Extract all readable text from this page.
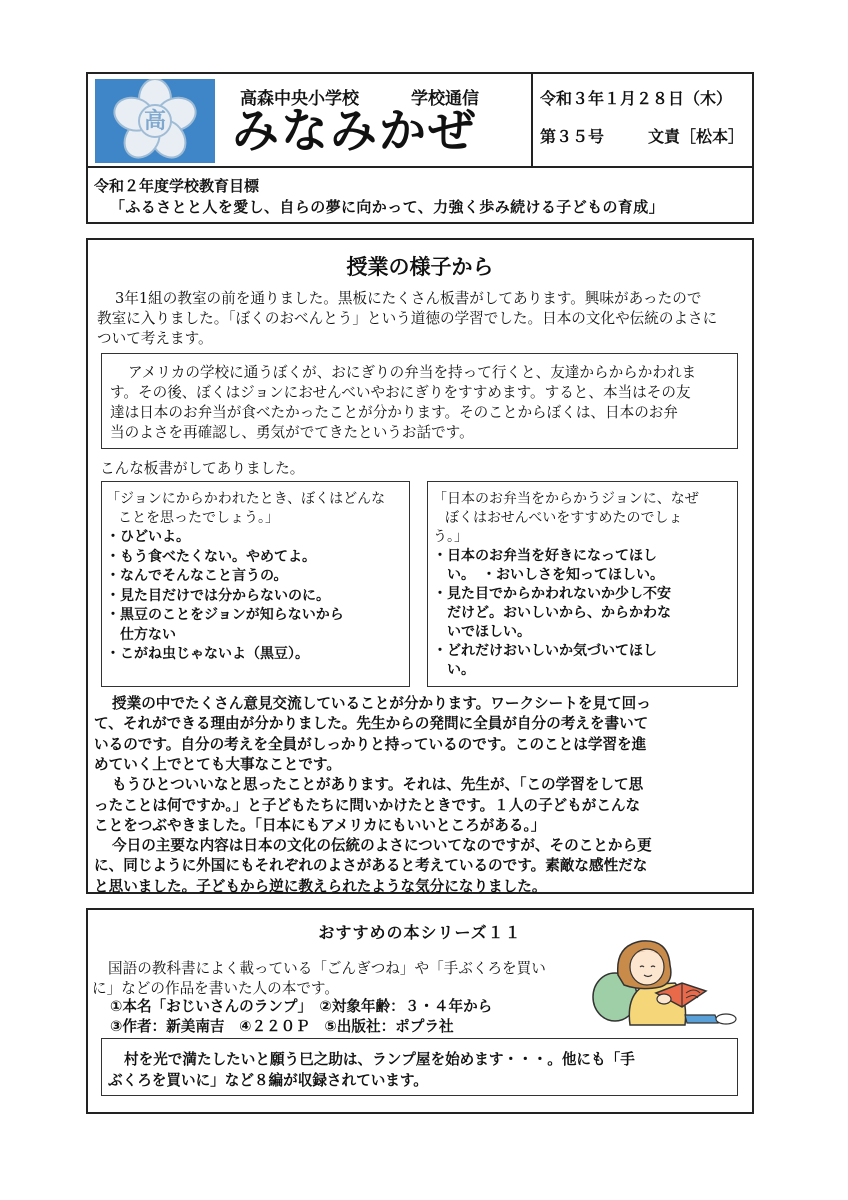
高
高森中央小学校	学校通信
みなみかぜ
令和３年１月２８日（木）
第３５号	文責［松本］
令和２年度学校教育目標
「ふるさとと人を愛し、自らの夢に向かって、力強く歩み続ける子どもの育成」
授業の様子から
3年1組の教室の前を通りました。黒板にたくさん板書がしてあります。興味があったので
教室に入りました。「ぼくのおべんとう」という道徳の学習でした。日本の文化や伝統のよさに
ついて考えます。
アメリカの学校に通うぼくが、おにぎりの弁当を持って行くと、友達からからかわれま
す。その後、ぼくはジョンにおせんべいやおにぎりをすすめます。すると、本当はその友
達は日本のお弁当が食べたかったことが分かります。そのことからぼくは、日本のお弁
当のよさを再確認し、勇気がでてきたというお話です。
こんな板書がしてありました。
「ジョンにからかわれたとき、ぼくはどんな
ことを思ったでしょう。」
・ひどいよ。
・もう食べたくない。やめてよ。
・なんでそんなこと言うの。
・見た目だけでは分からないのに。
・黒豆のことをジョンが知らないから
　仕方ない
・こがね虫じゃないよ（黒豆）。
「日本のお弁当をからかうジョンに、なぜ
ぼくはおせんべいをすすめたのでしょ
う。」
・日本のお弁当を好きになってほし
　い。　・おいしさを知ってほしい。
・見た目でからかわれないか少し不安
　だけど。おいしいから、からかわな
　いでほしい。
・どれだけおいしいか気づいてほし
　い。
授業の中でたくさん意見交流していることが分かります。ワークシートを見て回っ
て、それができる理由が分かりました。先生からの発問に全員が自分の考えを書いて
いるのです。自分の考えを全員がしっかりと持っているのです。このことは学習を進
めていく上でとても大事なことです。
もうひとついいなと思ったことがあります。それは、先生が、「この学習をして思
ったことは何ですか。」と子どもたちに問いかけたときです。１人の子どもがこんな
ことをつぶやきました。「日本にもアメリカにもいいところがある。」
今日の主要な内容は日本の文化の伝統のよさについてなのですが、そのことから更
に、同じように外国にもそれぞれのよさがあると考えているのです。素敵な感性だな
と思いました。子どもから逆に教えられたような気分になりました。
おすすめの本シリーズ１１
国語の教科書によく載っている「ごんぎつね」や「手ぶくろを買い
に」などの作品を書いた人の本です。
①本名「おじいさんのランプ」　②対象年齢：３・４年から
③作者：新美南吉　④２２０Ｐ　⑤出版社：ポプラ社
村を光で満たしたいと願う巳之助は、ランプ屋を始めます・・・。他にも「手
ぶくろを買いに」など８編が収録されています。
